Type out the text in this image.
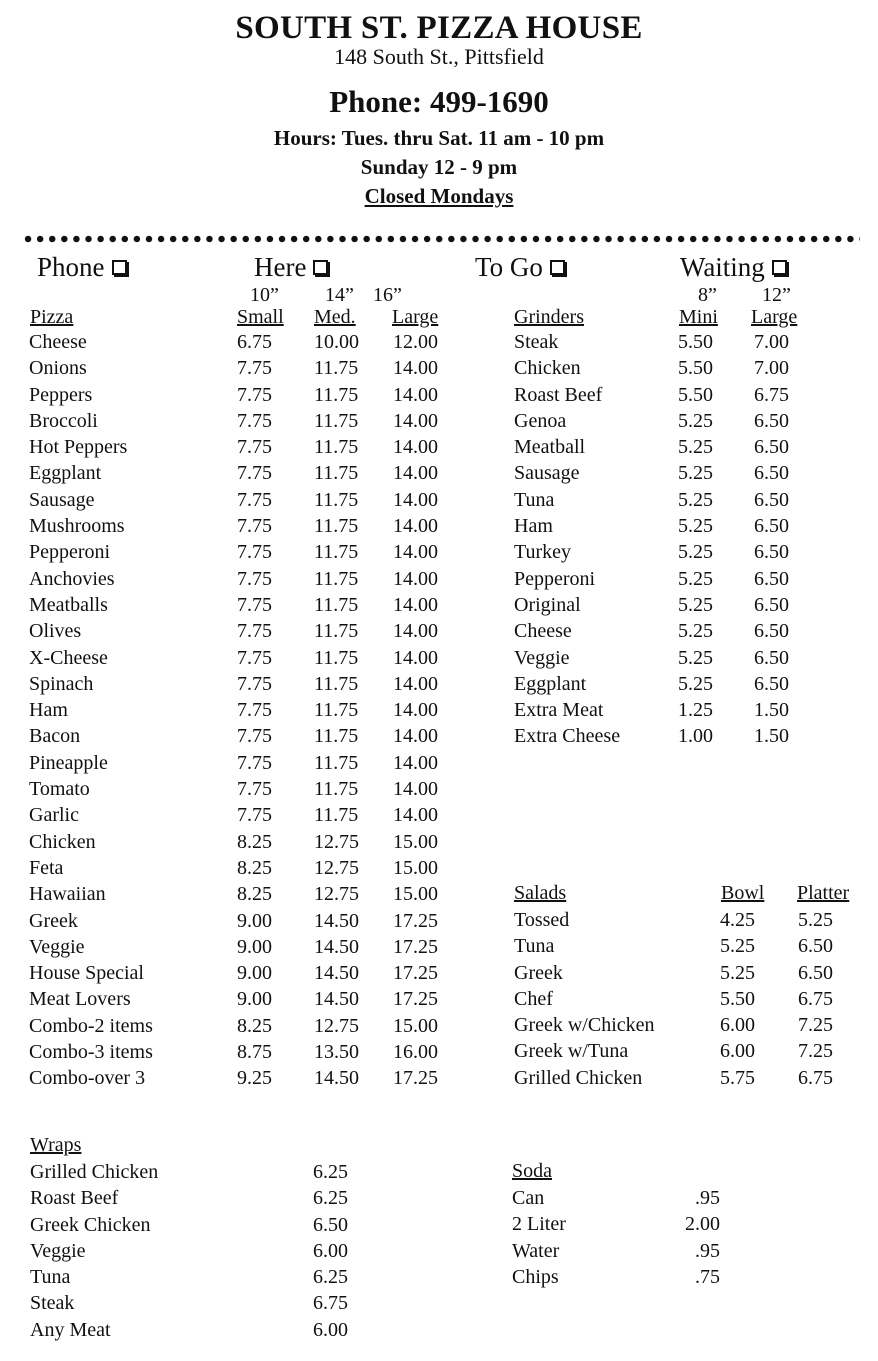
SOUTH ST. PIZZA HOUSE
148 South St., Pittsfield
Phone: 499-1690
Hours: Tues. thru Sat. 11 am - 10 pm
Sunday 12 - 9 pm
Closed Mondays
Phone	Here	To Go	Waiting
10” 14” 16”
Pizza	Small Med. Large
8” 12”
Grinders	Mini Large
Salads	Bowl Platter
Wraps
Soda
Cheese	6.75 10.00 12.00
Onions	7.75 11.75 14.00
Peppers	7.75 11.75 14.00
Broccoli	7.75 11.75 14.00
Hot Peppers	7.75 11.75 14.00
Eggplant	7.75 11.75 14.00
Sausage	7.75 11.75 14.00
Mushrooms	7.75 11.75 14.00
Pepperoni	7.75 11.75 14.00
Anchovies	7.75 11.75 14.00
Meatballs	7.75 11.75 14.00
Olives	7.75 11.75 14.00
X-Cheese	7.75 11.75 14.00
Spinach	7.75 11.75 14.00
Ham	7.75 11.75 14.00
Bacon	7.75 11.75 14.00
Pineapple	7.75 11.75 14.00
Tomato	7.75 11.75 14.00
Garlic	7.75 11.75 14.00
Chicken	8.25 12.75 15.00
Feta	8.25 12.75 15.00
Hawaiian	8.25 12.75 15.00
Greek	9.00 14.50 17.25
Veggie	9.00 14.50 17.25
House Special	9.00 14.50 17.25
Meat Lovers	9.00 14.50 17.25
Combo-2 items	8.25 12.75 15.00
Combo-3 items	8.75 13.50 16.00
Combo-over 3	9.25 14.50 17.25
Steak	5.50 7.00
Chicken	5.50 7.00
Roast Beef	5.50 6.75
Genoa	5.25 6.50
Meatball	5.25 6.50
Sausage	5.25 6.50
Tuna	5.25 6.50
Ham	5.25 6.50
Turkey	5.25 6.50
Pepperoni	5.25 6.50
Original	5.25 6.50
Cheese	5.25 6.50
Veggie	5.25 6.50
Eggplant	5.25 6.50
Extra Meat	1.25 1.50
Extra Cheese	1.00 1.50
Tossed	4.25 5.25
Tuna	5.25 6.50
Greek	5.25 6.50
Chef	5.50 6.75
Greek w/Chicken	6.00 7.25
Greek w/Tuna	6.00 7.25
Grilled Chicken	5.75 6.75
Grilled Chicken	6.25
Roast Beef	6.25
Greek Chicken	6.50
Veggie	6.00
Tuna	6.25
Steak	6.75
Any Meat	6.00
Can	.95
2 Liter	2.00
Water	.95
Chips	.75
